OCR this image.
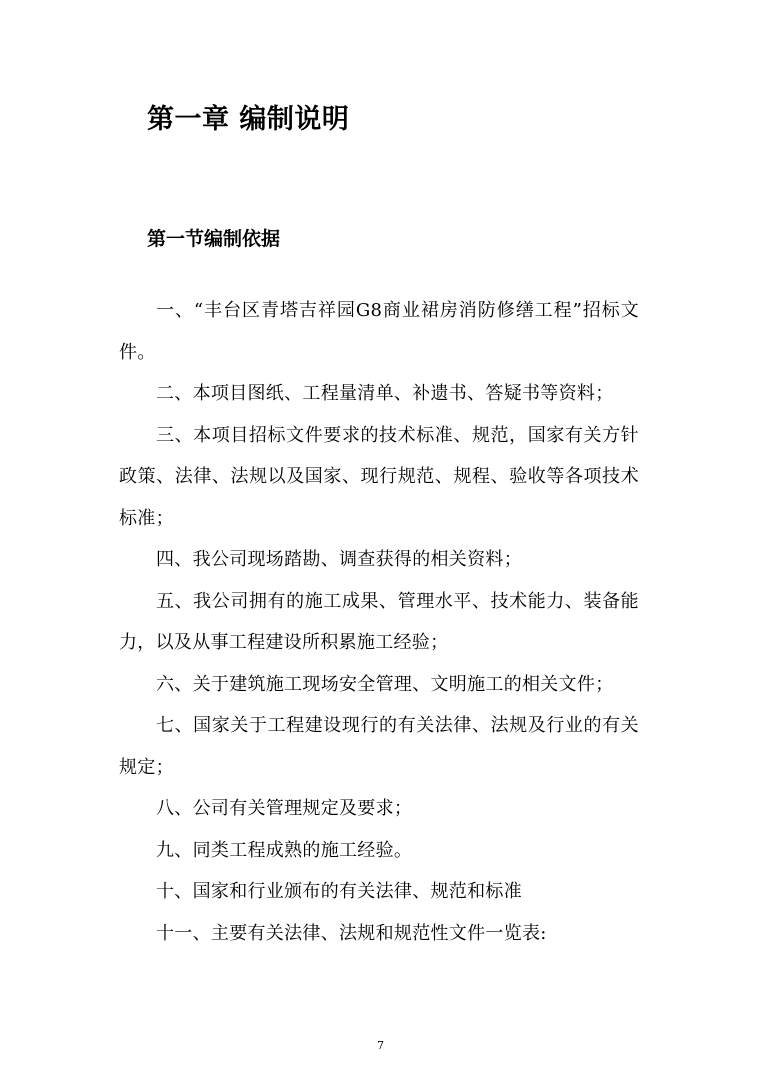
第一章 编制说明
第一节编制依据

一、“丰台区青塔吉祥园G8商业裙房消防修缮工程”招标文件。

二、本项目图纸、工程量清单、补遗书、答疑书等资料；

三、本项目招标文件要求的技术标准、规范，国家有关方针政策、法律、法规以及国家、现行规范、规程、验收等各项技术标准；

四、我公司现场踏勘、调查获得的相关资料；

五、我公司拥有的施工成果、管理水平、技术能力、装备能力，以及从事工程建设所积累施工经验；

六、关于建筑施工现场安全管理、文明施工的相关文件；

七、国家关于工程建设现行的有关法律、法规及行业的有关规定；

八、公司有关管理规定及要求；

九、同类工程成熟的施工经验。

十、国家和行业颁布的有关法律、规范和标准

十一、主要有关法律、法规和规范性文件一览表:

7
